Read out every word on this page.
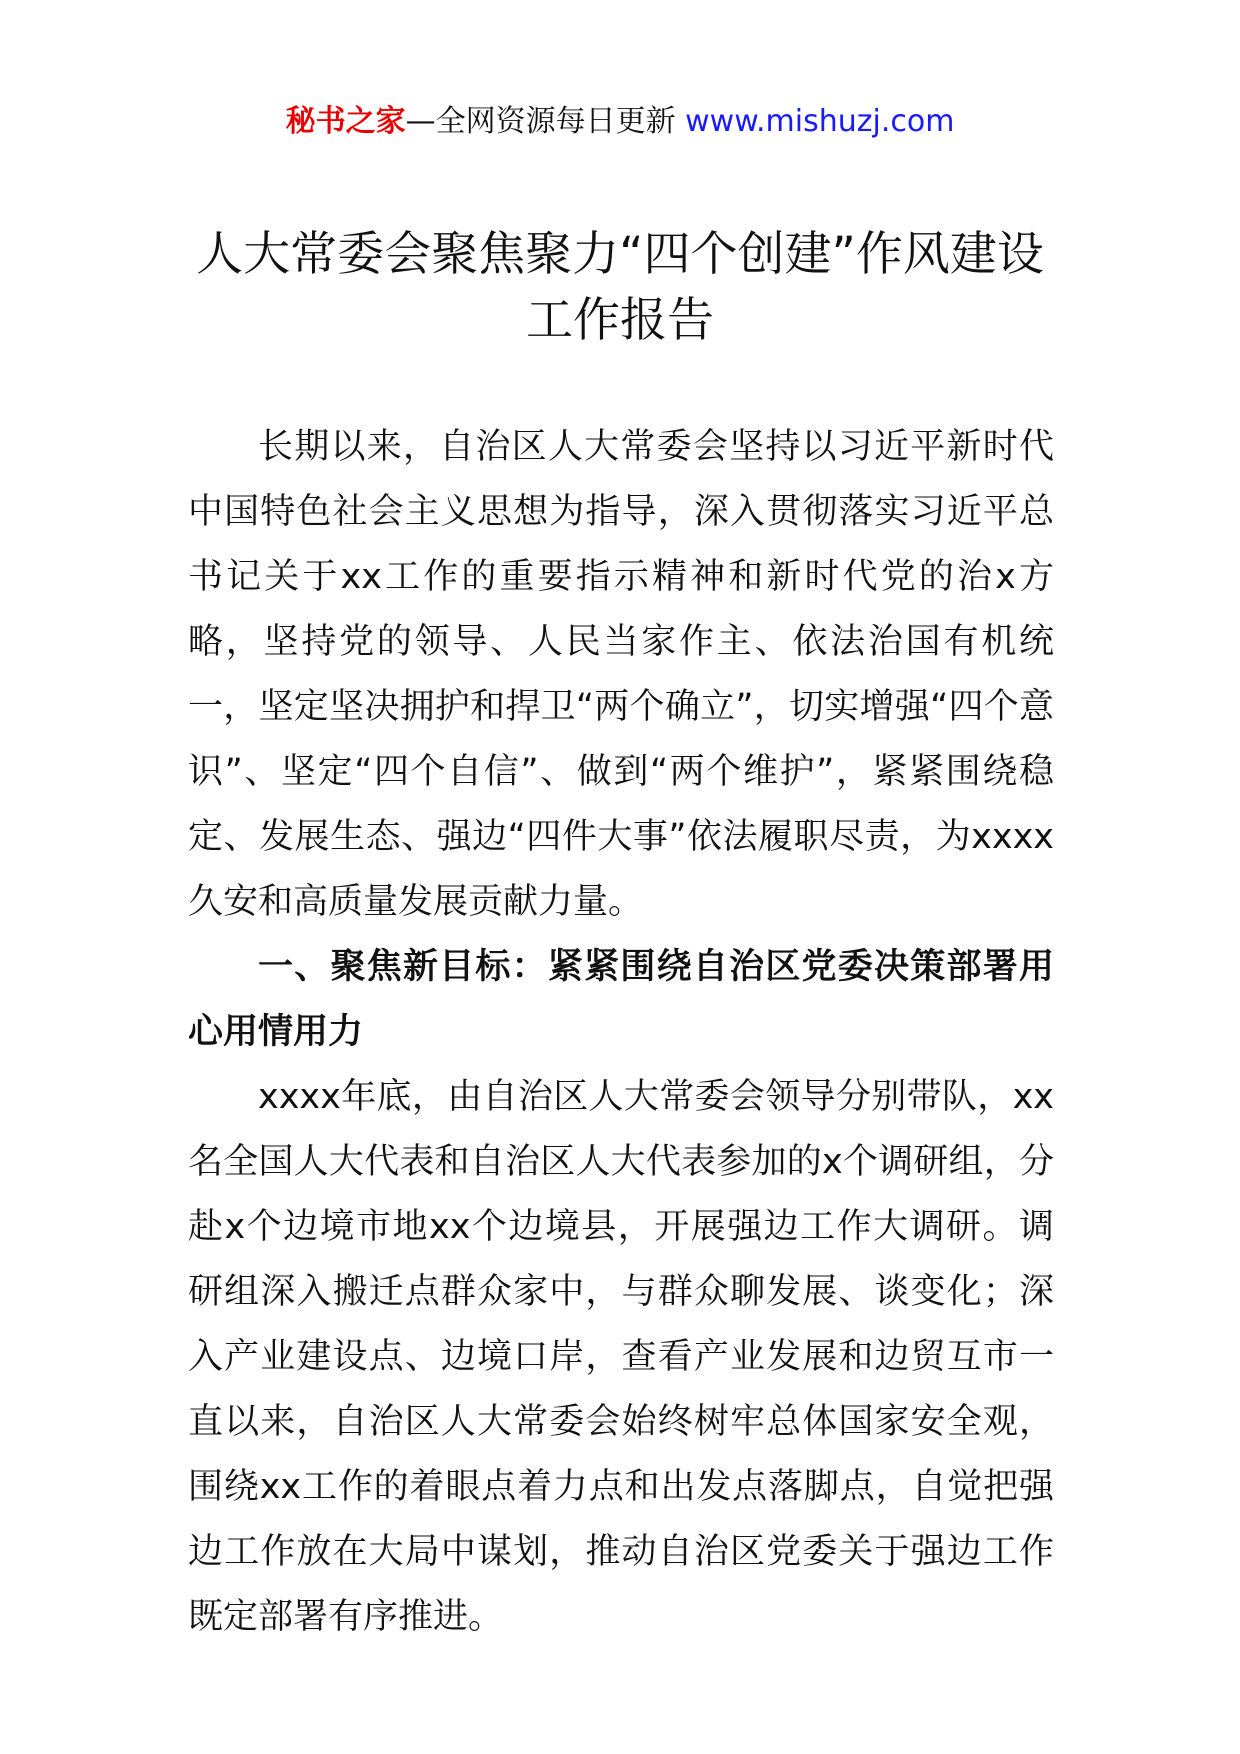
秘书之家—全网资源每日更新 www.mishuzj.com
人大常委会聚焦聚力“四个创建”作风建设工作报告

长期以来，自治区人大常委会坚持以习近平新时代中国特色社会主义思想为指导，深入贯彻落实习近平总书记关于xx工作的重要指示精神和新时代党的治x方略，坚持党的领导、人民当家作主、依法治国有机统一，坚定坚决拥护和捍卫“两个确立”，切实增强“四个意识”、坚定“四个自信”、做到“两个维护”，紧紧围绕稳定、发展生态、强边“四件大事”依法履职尽责，为xxxx久安和高质量发展贡献力量。

一、聚焦新目标：紧紧围绕自治区党委决策部署用心用情用力

xxxx年底，由自治区人大常委会领导分别带队，xx名全国人大代表和自治区人大代表参加的x个调研组，分赴x个边境市地xx个边境县，开展强边工作大调研。调研组深入搬迁点群众家中，与群众聊发展、谈变化；深入产业建设点、边境口岸，查看产业发展和边贸互市一直以来，自治区人大常委会始终树牢总体国家安全观，围绕xx工作的着眼点着力点和出发点落脚点，自觉把强边工作放在大局中谋划，推动自治区党委关于强边工作既定部署有序推进。
